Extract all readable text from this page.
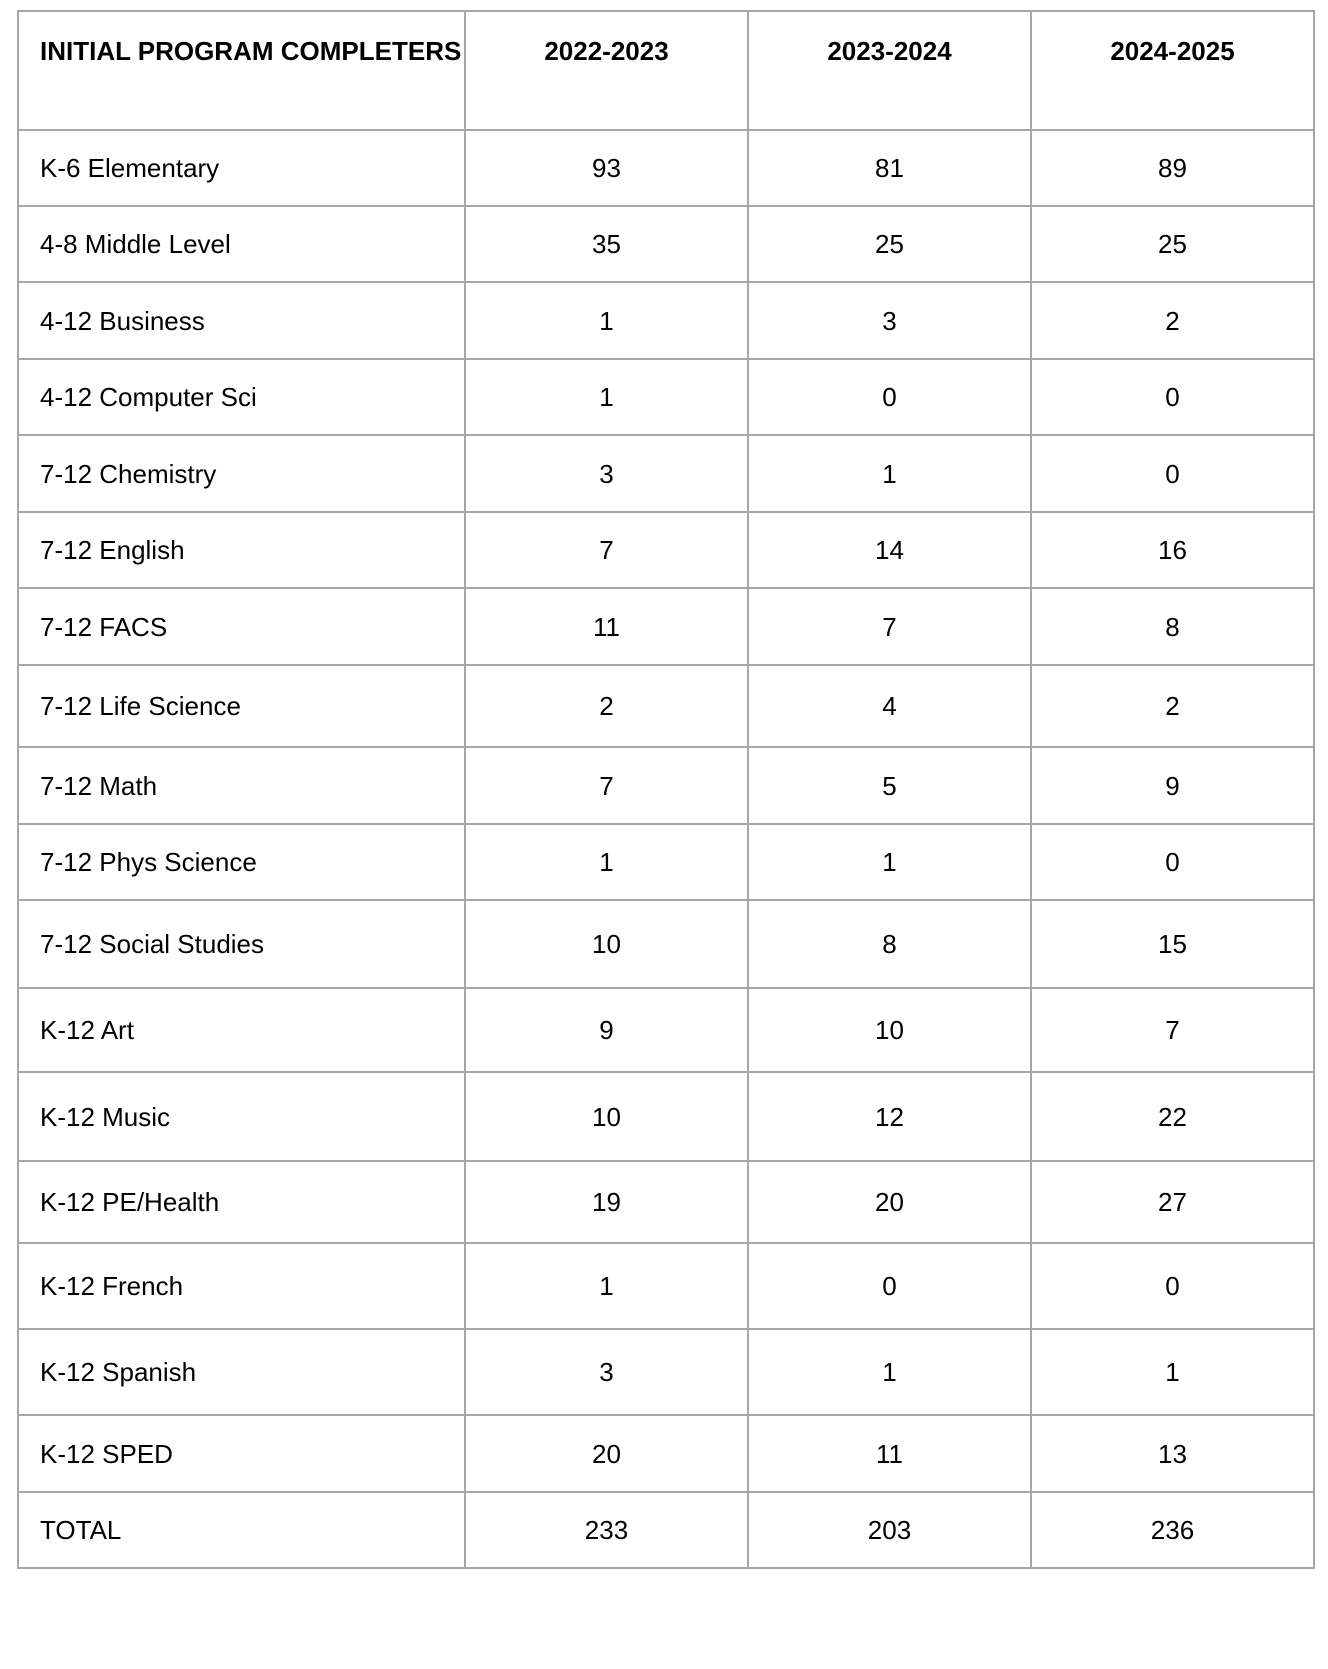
INITIAL PROGRAM COMPLETERS	2022-2023	2023-2024	2024-2025
K-6 Elementary	93	81	89
4-8 Middle Level	35	25	25
4-12 Business	1	3	2
4-12 Computer Sci	1	0	0
7-12 Chemistry	3	1	0
7-12 English	7	14	16
7-12 FACS	11	7	8
7-12 Life Science	2	4	2
7-12 Math	7	5	9
7-12 Phys Science	1	1	0
7-12 Social Studies	10	8	15
K-12 Art	9	10	7
K-12 Music	10	12	22
K-12 PE/Health	19	20	27
K-12 French	1	0	0
K-12 Spanish	3	1	1
K-12 SPED	20	11	13
TOTAL	233	203	236
